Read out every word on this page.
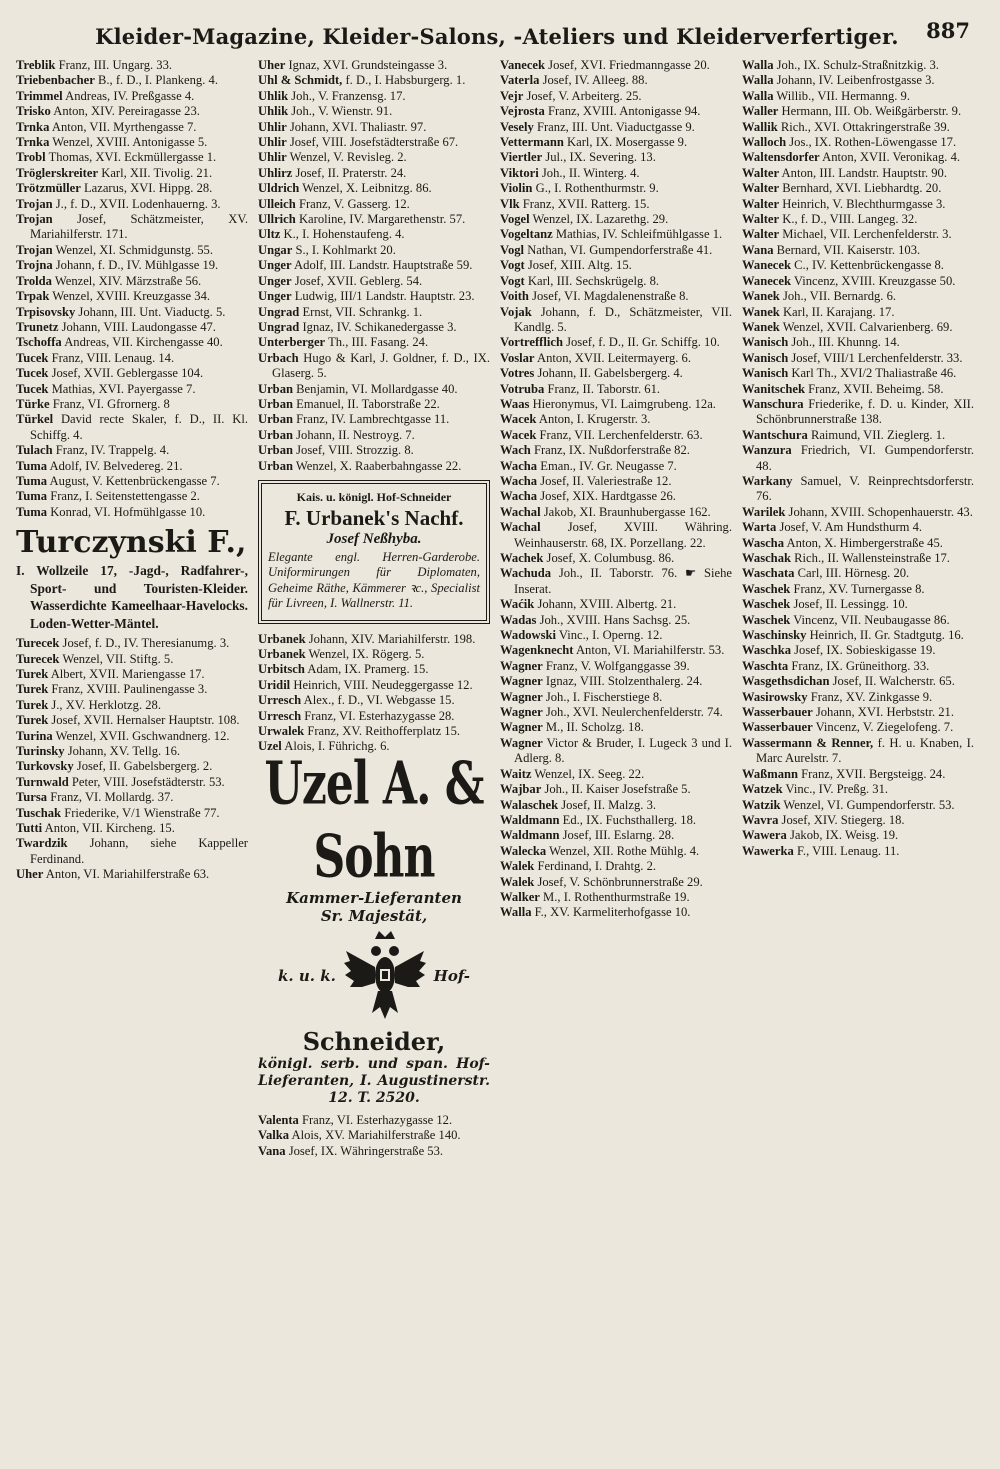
Kleider-Magazine, Kleider-Salons, -Ateliers und Kleiderverfertiger. 887
Treblik Franz, III. Ungarg. 33.
Triebenbacher B., f. D., I. Plankeng. 4.
Trimmel Andreas, IV. Preßgasse 4.
Trisko Anton, XIV. Pereiragasse 23.
Trnka Anton, VII. Myrthengasse 7.
Trnka Wenzel, XVIII. Antonigasse 5.
Trobl Thomas, XVI. Eckmüllergasse 1.
Tröglerskreiter Karl, XII. Tivolig. 21.
Trötzmüller Lazarus, XVI. Hippg. 28.
Trojan J., f. D., XVII. Lodenhauerng. 3.
Trojan Josef, Schätzmeister, XV. Mariahilferstr. 171.
Trojan Wenzel, XI. Schmidgunstg. 55.
Trojna Johann, f. D., IV. Mühlgasse 19.
Trolda Wenzel, XIV. Märzstraße 56.
Trpak Wenzel, XVIII. Kreuzgasse 34.
Trpisovsky Johann, III. Unt. Viaductg. 5.
Trunetz Johann, VIII. Laudongasse 47.
Tschoffa Andreas, VII. Kirchengasse 40.
Tucek Franz, VIII. Lenaug. 14.
Tucek Josef, XVII. Geblergasse 104.
Tucek Mathias, XVI. Payergasse 7.
Türke Franz, VI. Gfrornerg. 8
Türkel David recte Skaler, f. D., II. Kl. Schiffg. 4.
Tulach Franz, IV. Trappelg. 4.
Tuma Adolf, IV. Belvedereg. 21.
Tuma August, V. Kettenbrückengasse 7.
Tuma Franz, I. Seitenstettengasse 2.
Tuma Konrad, VI. Hofmühlgasse 10.
Turczynski F.,
I. Wollzeile 17, -Jagd-, Radfahrer-, Sport- und Touristen-Kleider. Wasserdichte Kameelhaar-Havelocks. Loden-Wetter-Mäntel.
Turecek Josef, f. D., IV. Theresianumg. 3.
Turecek Wenzel, VII. Stiftg. 5.
Turek Albert, XVII. Mariengasse 17.
Turek Franz, XVIII. Paulinengasse 3.
Turek J., XV. Herklotzg. 28.
Turek Josef, XVII. Hernalser Hauptstr. 108.
Turina Wenzel, XVII. Gschwandnerg. 12.
Turinsky Johann, XV. Tellg. 16.
Turkovsky Josef, II. Gabelsbergerg. 2.
Turnwald Peter, VIII. Josefstädterstr. 53.
Tursa Franz, VI. Mollardg. 37.
Tuschak Friederike, V/1 Wienstraße 77.
Tutti Anton, VII. Kircheng. 15.
Twardzik Johann, siehe Kappeller Ferdinand.
Uher Anton, VI. Mariahilferstraße 63.
Uher Ignaz, XVI. Grundsteingasse 3.
Uhl & Schmidt, f. D., I. Habsburgerg. 1.
Uhlik Joh., V. Franzensg. 17.
Uhlik Joh., V. Wienstr. 91.
Uhlir Johann, XVI. Thaliastr. 97.
Uhlir Josef, VIII. Josefstädterstraße 67.
Uhlir Wenzel, V. Revisleg. 2.
Uhlirz Josef, II. Praterstr. 24.
Uldrich Wenzel, X. Leibnitzg. 86.
Ulleich Franz, V. Gasserg. 12.
Ullrich Karoline, IV. Margarethenstr. 57.
Ultz K., I. Hohenstaufeng. 4.
Ungar S., I. Kohlmarkt 20.
Unger Adolf, III. Landstr. Hauptstraße 59.
Unger Josef, XVII. Geblerg. 54.
Unger Ludwig, III/1 Landstr. Hauptstr. 23.
Ungrad Ernst, VII. Schrankg. 1.
Ungrad Ignaz, IV. Schikanedergasse 3.
Unterberger Th., III. Fasang. 24.
Urbach Hugo & Karl, J. Goldner, f. D., IX. Glaserg. 5.
Urban Benjamin, VI. Mollardgasse 40.
Urban Emanuel, II. Taborstraße 22.
Urban Franz, IV. Lambrechtgasse 11.
Urban Johann, II. Nestroyg. 7.
Urban Josef, VIII. Strozzig. 8.
Urban Wenzel, X. Raaberbahngasse 22.
Kais. u. königl. Hof-Schneider
F. Urbanek's Nachf.
Josef Neßhyba.
Elegante engl. Herren-Garderobe. Uniformirungen für Diplomaten, Geheime Räthe, Kämmerer ꝛc., Specialist für Livreen, I. Wallnerstr. 11.
Urbanek Johann, XIV. Mariahilferstr. 198.
Urbanek Wenzel, IX. Rögerg. 5.
Urbitsch Adam, IX. Pramerg. 15.
Uridil Heinrich, VIII. Neudeggergasse 12.
Urresch Alex., f. D., VI. Webgasse 15.
Urresch Franz, VI. Esterhazygasse 28.
Urwalek Franz, XV. Reithofferplatz 15.
Uzel Alois, I. Führichg. 6.
Uzel A. & Sohn
Kammer-Lieferanten
Sr. Majestät,
k. u. k.	Hof-
Schneider,
königl. serb. und span. Hof-Lieferanten, I. Augustinerstr. 12. T. 2520.
Valenta Franz, VI. Esterhazygasse 12.
Valka Alois, XV. Mariahilferstraße 140.
Vana Josef, IX. Währingerstraße 53.
Vanecek Josef, XVI. Friedmanngasse 20.
Vaterla Josef, IV. Alleeg. 88.
Vejr Josef, V. Arbeiterg. 25.
Vejrosta Franz, XVIII. Antonigasse 94.
Vesely Franz, III. Unt. Viaductgasse 9.
Vettermann Karl, IX. Mosergasse 9.
Viertler Jul., IX. Severing. 13.
Viktori Joh., II. Winterg. 4.
Violin G., I. Rothenthurmstr. 9.
Vlk Franz, XVII. Ratterg. 15.
Vogel Wenzel, IX. Lazarethg. 29.
Vogeltanz Mathias, IV. Schleifmühlgasse 1.
Vogl Nathan, VI. Gumpendorferstraße 41.
Vogt Josef, XIII. Altg. 15.
Vogt Karl, III. Sechskrügelg. 8.
Voith Josef, VI. Magdalenenstraße 8.
Vojak Johann, f. D., Schätzmeister, VII. Kandlg. 5.
Vortrefflich Josef, f. D., II. Gr. Schiffg. 10.
Voslar Anton, XVII. Leitermayerg. 6.
Votres Johann, II. Gabelsbergerg. 4.
Votruba Franz, II. Taborstr. 61.
Waas Hieronymus, VI. Laimgrubeng. 12a.
Wacek Anton, I. Krugerstr. 3.
Wacek Franz, VII. Lerchenfelderstr. 63.
Wach Franz, IX. Nußdorferstraße 82.
Wacha Eman., IV. Gr. Neugasse 7.
Wacha Josef, II. Valeriestraße 12.
Wacha Josef, XIX. Hardtgasse 26.
Wachal Jakob, XI. Braunhubergasse 162.
Wachal Josef, XVIII. Währing. Weinhauserstr. 68, IX. Porzellang. 22.
Wachek Josef, X. Columbusg. 86.
Wachuda Joh., II. Taborstr. 76. ☛ Siehe Inserat.
Waćik Johann, XVIII. Albertg. 21.
Wadas Joh., XVIII. Hans Sachsg. 25.
Wadowski Vinc., I. Operng. 12.
Wagenknecht Anton, VI. Mariahilferstr. 53.
Wagner Franz, V. Wolfganggasse 39.
Wagner Ignaz, VIII. Stolzenthalerg. 24.
Wagner Joh., I. Fischerstiege 8.
Wagner Joh., XVI. Neulerchenfelderstr. 74.
Wagner M., II. Scholzg. 18.
Wagner Victor & Bruder, I. Lugeck 3 und I. Adlerg. 8.
Waitz Wenzel, IX. Seeg. 22.
Wajbar Joh., II. Kaiser Josefstraße 5.
Walaschek Josef, II. Malzg. 3.
Waldmann Ed., IX. Fuchsthallerg. 18.
Waldmann Josef, III. Eslarng. 28.
Walecka Wenzel, XII. Rothe Mühlg. 4.
Walek Ferdinand, I. Drahtg. 2.
Walek Josef, V. Schönbrunnerstraße 29.
Walker M., I. Rothenthurmstraße 19.
Walla F., XV. Karmeliterhofgasse 10.
Walla Joh., IX. Schulz-Straßnitzkig. 3.
Walla Johann, IV. Leibenfrostgasse 3.
Walla Willib., VII. Hermanng. 9.
Waller Hermann, III. Ob. Weißgärberstr. 9.
Wallik Rich., XVI. Ottakringerstraße 39.
Walloch Jos., IX. Rothen-Löwengasse 17.
Waltensdorfer Anton, XVII. Veronikag. 4.
Walter Anton, III. Landstr. Hauptstr. 90.
Walter Bernhard, XVI. Liebhardtg. 20.
Walter Heinrich, V. Blechthurmgasse 3.
Walter K., f. D., VIII. Langeg. 32.
Walter Michael, VII. Lerchenfelderstr. 3.
Wana Bernard, VII. Kaiserstr. 103.
Wanecek C., IV. Kettenbrückengasse 8.
Wanecek Vincenz, XVIII. Kreuzgasse 50.
Wanek Joh., VII. Bernardg. 6.
Wanek Karl, II. Karajang. 17.
Wanek Wenzel, XVII. Calvarienberg. 69.
Wanisch Joh., III. Khunng. 14.
Wanisch Josef, VIII/1 Lerchenfelderstr. 33.
Wanisch Karl Th., XVI/2 Thaliastraße 46.
Wanitschek Franz, XVII. Beheimg. 58.
Wanschura Friederike, f. D. u. Kinder, XII. Schönbrunnerstraße 138.
Wantschura Raimund, VII. Zieglerg. 1.
Wanzura Friedrich, VI. Gumpendorferstr. 48.
Warkany Samuel, V. Reinprechtsdorferstr. 76.
Warilek Johann, XVIII. Schopenhauerstr. 43.
Warta Josef, V. Am Hundsthurm 4.
Wascha Anton, X. Himbergerstraße 45.
Waschak Rich., II. Wallensteinstraße 17.
Waschata Carl, III. Hörnesg. 20.
Waschek Franz, XV. Turnergasse 8.
Waschek Josef, II. Lessingg. 10.
Waschek Vincenz, VII. Neubaugasse 86.
Waschinsky Heinrich, II. Gr. Stadtgutg. 16.
Waschka Josef, IX. Sobieskigasse 19.
Waschta Franz, IX. Grüneithorg. 33.
Wasgethsdichan Josef, II. Walcherstr. 65.
Wasirowsky Franz, XV. Zinkgasse 9.
Wasserbauer Johann, XVI. Herbststr. 21.
Wasserbauer Vincenz, V. Ziegelofeng. 7.
Wassermann & Renner, f. H. u. Knaben, I. Marc Aurelstr. 7.
Waßmann Franz, XVII. Bergsteigg. 24.
Watzek Vinc., IV. Preßg. 31.
Watzik Wenzel, VI. Gumpendorferstr. 53.
Wavra Josef, XIV. Stiegerg. 18.
Wawera Jakob, IX. Weisg. 19.
Wawerka F., VIII. Lenaug. 11.
